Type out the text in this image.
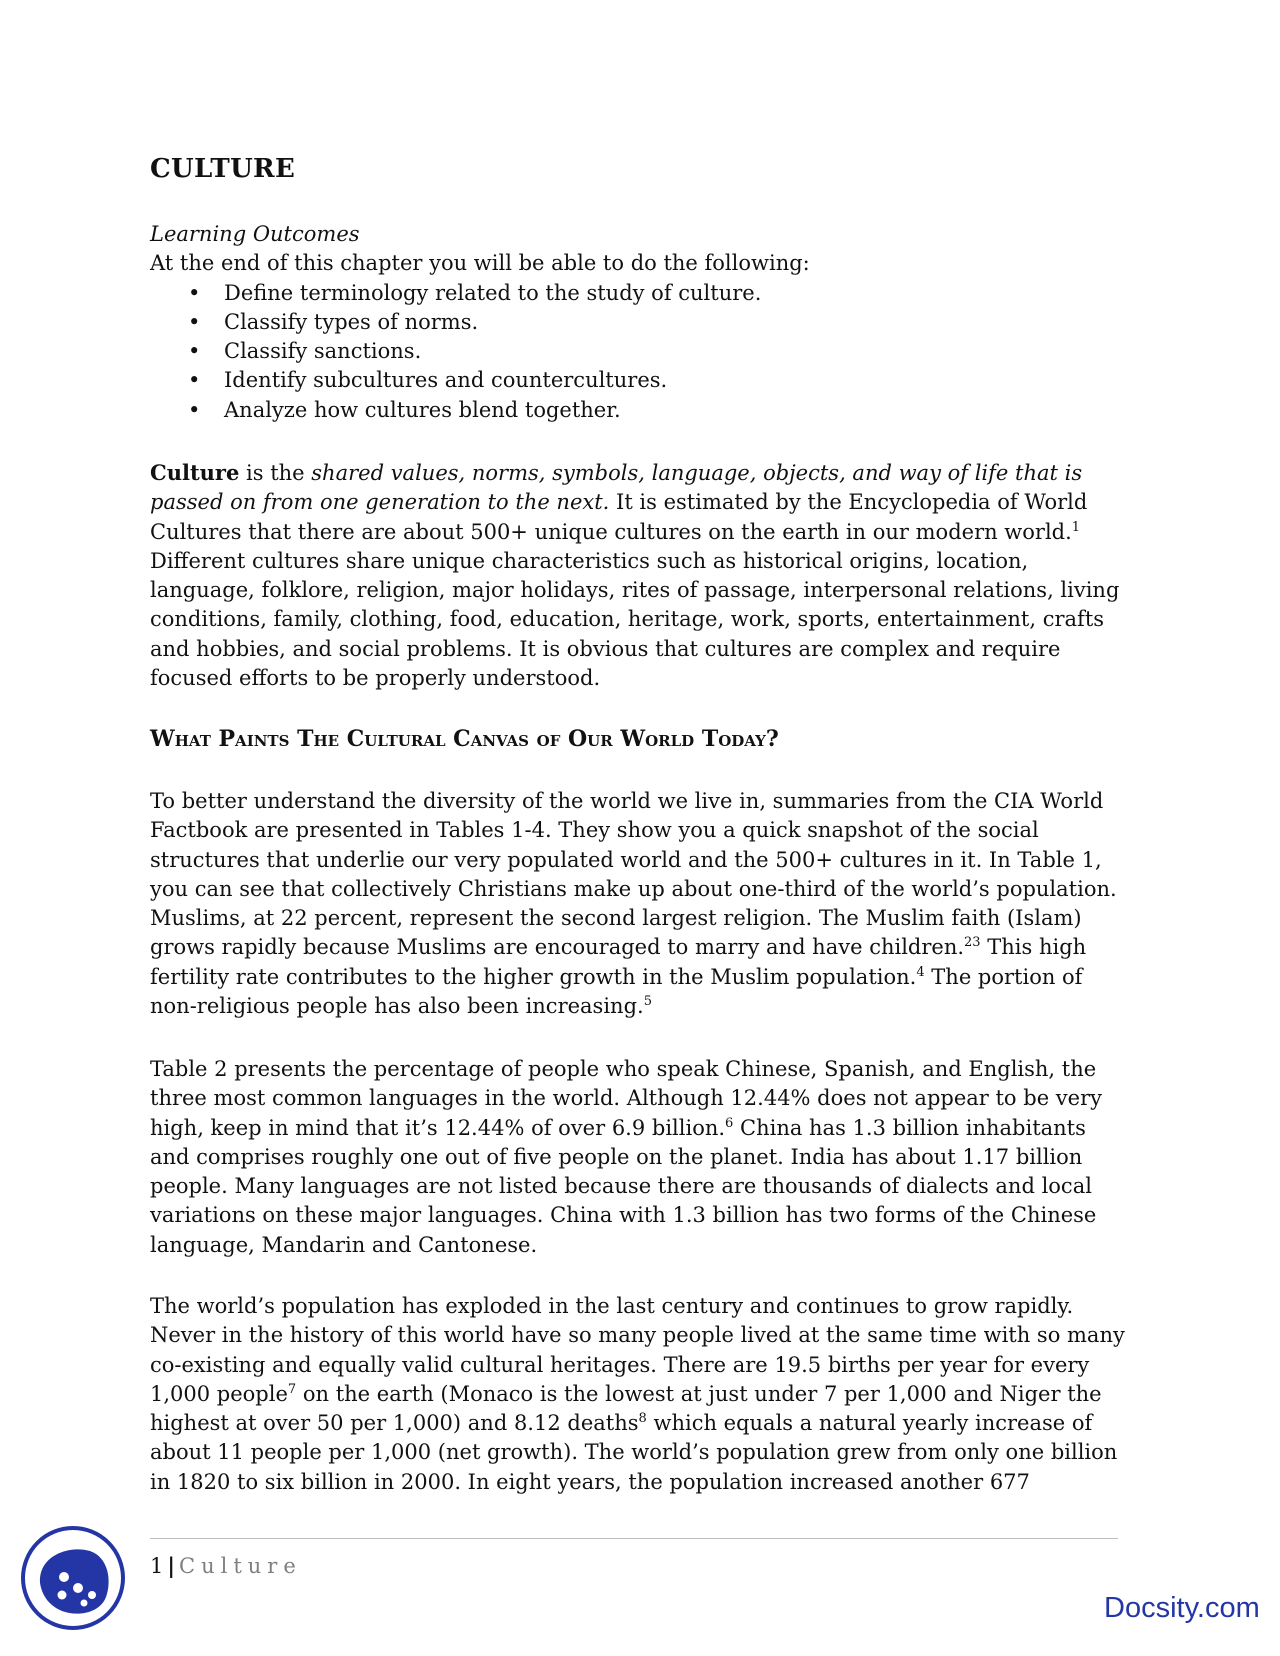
CULTURE
Learning Outcomes
At the end of this chapter you will be able to do the following:
• Define terminology related to the study of culture.
• Classify types of norms.
• Classify sanctions.
• Identify subcultures and countercultures.
• Analyze how cultures blend together.

Culture is the shared values, norms, symbols, language, objects, and way of life that is passed on from one generation to the next. It is estimated by the Encyclopedia of World Cultures that there are about 500+ unique cultures on the earth in our modern world.$^1$ Different cultures share unique characteristics such as historical origins, location, language, folklore, religion, major holidays, rites of passage, interpersonal relations, living conditions, family, clothing, food, education, heritage, work, sports, entertainment, crafts and hobbies, and social problems. It is obvious that cultures are complex and require focused efforts to be properly understood.

What Paints The Cultural Canvas of Our World Today?

To better understand the diversity of the world we live in, summaries from the CIA World Factbook are presented in Tables 1-4. They show you a quick snapshot of the social structures that underlie our very populated world and the 500+ cultures in it. In Table 1, you can see that collectively Christians make up about one-third of the world’s population. Muslims, at 22 percent, represent the second largest religion. The Muslim faith (Islam) grows rapidly because Muslims are encouraged to marry and have children.$^{23}$ This high fertility rate contributes to the higher growth in the Muslim population.$^4$ The portion of non-religious people has also been increasing.$^5$

Table 2 presents the percentage of people who speak Chinese, Spanish, and English, the three most common languages in the world. Although 12.44% does not appear to be very high, keep in mind that it’s 12.44% of over 6.9 billion.$^6$ China has 1.3 billion inhabitants and comprises roughly one out of five people on the planet. India has about 1.17 billion people. Many languages are not listed because there are thousands of dialects and local variations on these major languages. China with 1.3 billion has two forms of the Chinese language, Mandarin and Cantonese.

The world’s population has exploded in the last century and continues to grow rapidly. Never in the history of this world have so many people lived at the same time with so many co-existing and equally valid cultural heritages. There are 19.5 births per year for every 1,000 people$^7$ on the earth (Monaco is the lowest at just under 7 per 1,000 and Niger the highest at over 50 per 1,000) and 8.12 deaths$^8$ which equals a natural yearly increase of about 11 people per 1,000 (net growth). The world’s population grew from only one billion in 1820 to six billion in 2000. In eight years, the population increased another 677

1 | Culture
Docsity.com
